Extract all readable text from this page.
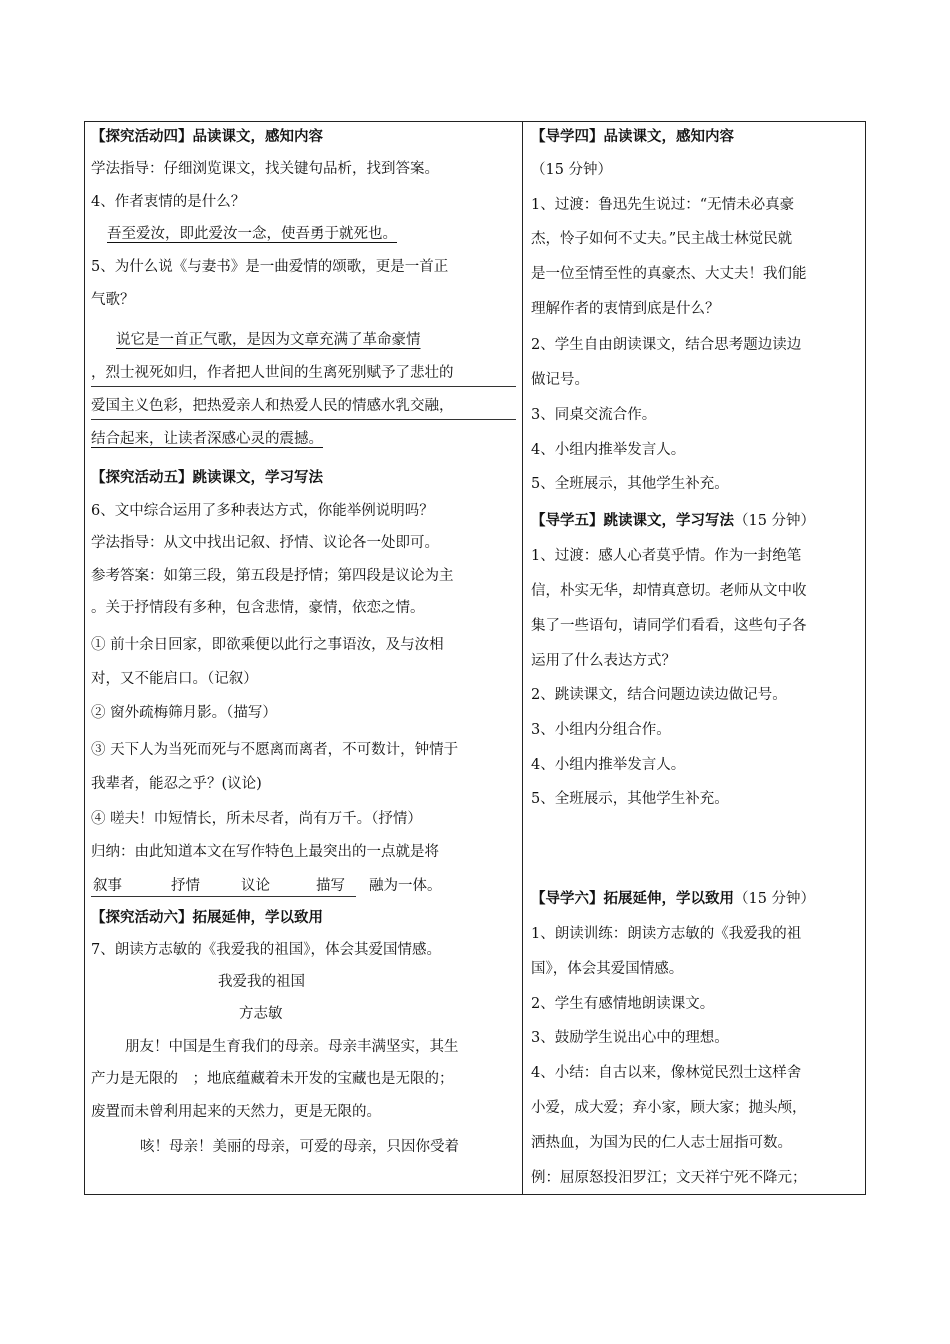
【探究活动四】品读课文，感知内容
学法指导：仔细浏览课文，找关键句品析，找到答案。
4、作者衷情的是什么？
吾至爱汝，即此爱汝一念，使吾勇于就死也。
5、为什么说《与妻书》是一曲爱情的颂歌，更是一首正
气歌？
说它是一首正气歌，是因为文章充满了革命豪情
，烈士视死如归，作者把人世间的生离死别赋予了悲壮的
爱国主义色彩，把热爱亲人和热爱人民的情感水乳交融，
结合起来，让读者深感心灵的震撼。
【探究活动五】跳读课文，学习写法
6、文中综合运用了多种表达方式，你能举例说明吗？
学法指导：从文中找出记叙、抒情、议论各一处即可。
参考答案：如第三段，第五段是抒情；第四段是议论为主
。关于抒情段有多种，包含悲情，豪情，依恋之情。
① 前十余日回家，即欲乘便以此行之事语汝，及与汝相
对，又不能启口。（记叙）
② 窗外疏梅筛月影。（描写）
③ 天下人为当死而死与不愿离而离者，不可数计，钟情于
我辈者，能忍之乎？(议论)
④ 嗟夫！巾短情长，所未尽者，尚有万千。（抒情）
归纳：由此知道本文在写作特色上最突出的一点就是将
叙事	抒情	议论	描写 融为一体。
【探究活动六】拓展延伸，学以致用
7、朗读方志敏的《我爱我的祖国》，体会其爱国情感。
我爱我的祖国
方志敏
朋友！中国是生育我们的母亲。母亲丰满坚实，其生
产力是无限的　；地底蕴藏着未开发的宝藏也是无限的；
废置而未曾利用起来的天然力，更是无限的。
咳！母亲！美丽的母亲，可爱的母亲，只因你受着
【导学四】品读课文，感知内容
（15 分钟）
1、过渡：鲁迅先生说过：“无情未必真豪
杰，怜子如何不丈夫。”民主战士林觉民就
是一位至情至性的真豪杰、大丈夫！我们能
理解作者的衷情到底是什么？
2、学生自由朗读课文，结合思考题边读边
做记号。
3、同桌交流合作。
4、小组内推举发言人。
5、全班展示，其他学生补充。
【导学五】跳读课文，学习写法（15 分钟）
1、过渡：感人心者莫乎情。作为一封绝笔
信，朴实无华，却情真意切。老师从文中收
集了一些语句，请同学们看看，这些句子各
运用了什么表达方式？
2、跳读课文，结合问题边读边做记号。
3、小组内分组合作。
4、小组内推举发言人。
5、全班展示，其他学生补充。
【导学六】拓展延伸，学以致用（15 分钟）
1、朗读训练：朗读方志敏的《我爱我的祖
国》，体会其爱国情感。
2、学生有感情地朗读课文。
3、鼓励学生说出心中的理想。
4、小结：自古以来，像林觉民烈士这样舍
小爱，成大爱；弃小家，顾大家；抛头颅，
洒热血，为国为民的仁人志士屈指可数。
例：屈原怒投汨罗江；文天祥宁死不降元；
